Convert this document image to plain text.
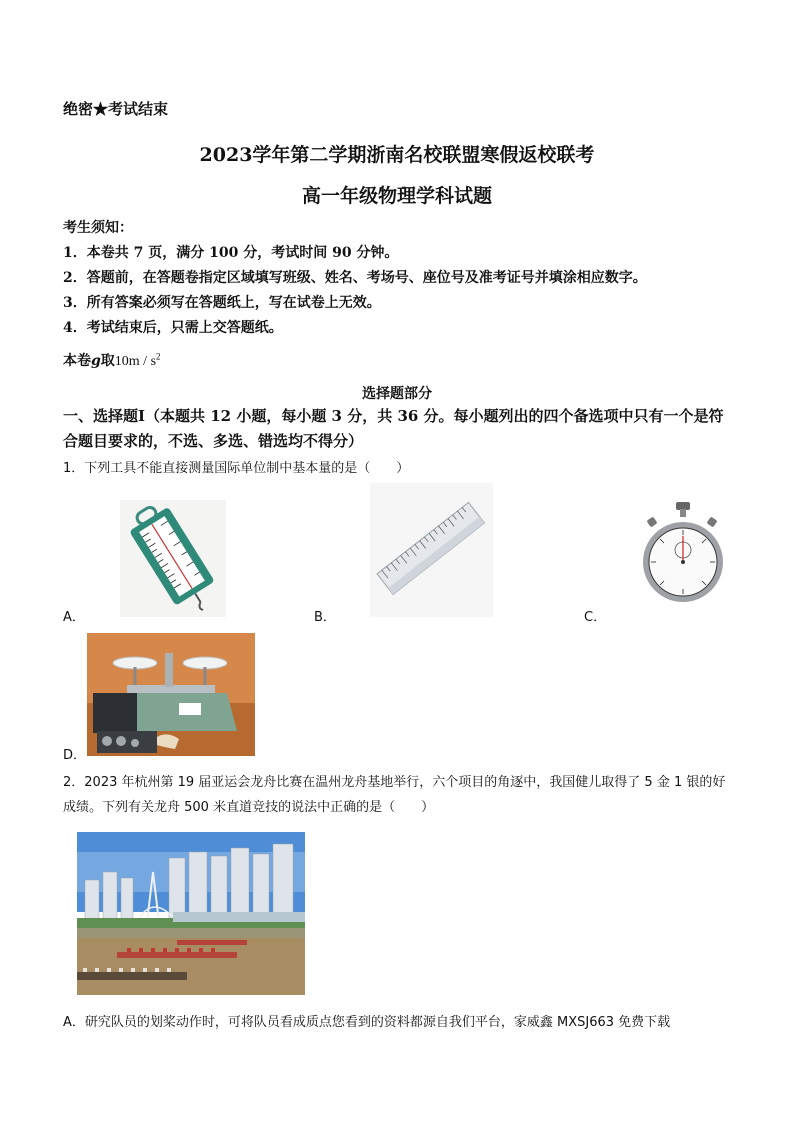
绝密★考试结束
2023学年第二学期浙南名校联盟寒假返校联考
高一年级物理学科试题
考生须知：
1．本卷共 7 页，满分 100 分，考试时间 90 分钟。
2．答题前，在答题卷指定区域填写班级、姓名、考场号、座位号及准考证号并填涂相应数字。
3．所有答案必须写在答题纸上，写在试卷上无效。
4．考试结束后，只需上交答题纸。
本卷g取$10m / s^2$
选择题部分
一、选择题Ⅰ（本题共 12 小题，每小题 3 分，共 36 分。每小题列出的四个备选项中只有一个是符合题目要求的，不选、多选、错选均不得分）
1．下列工具不能直接测量国际单位制中基本量的是（　　）
A．	B．	C．
D．
2．2023 年杭州第 19 届亚运会龙舟比赛在温州龙舟基地举行，六个项目的角逐中，我国健儿取得了 5 金 1 银的好成绩。下列有关龙舟 500 米直道竞技的说法中正确的是（　　）
A．研究队员的划桨动作时，可将队员看成质点您看到的资料都源自我们平台，家威鑫 MXSJ663 免费下载
